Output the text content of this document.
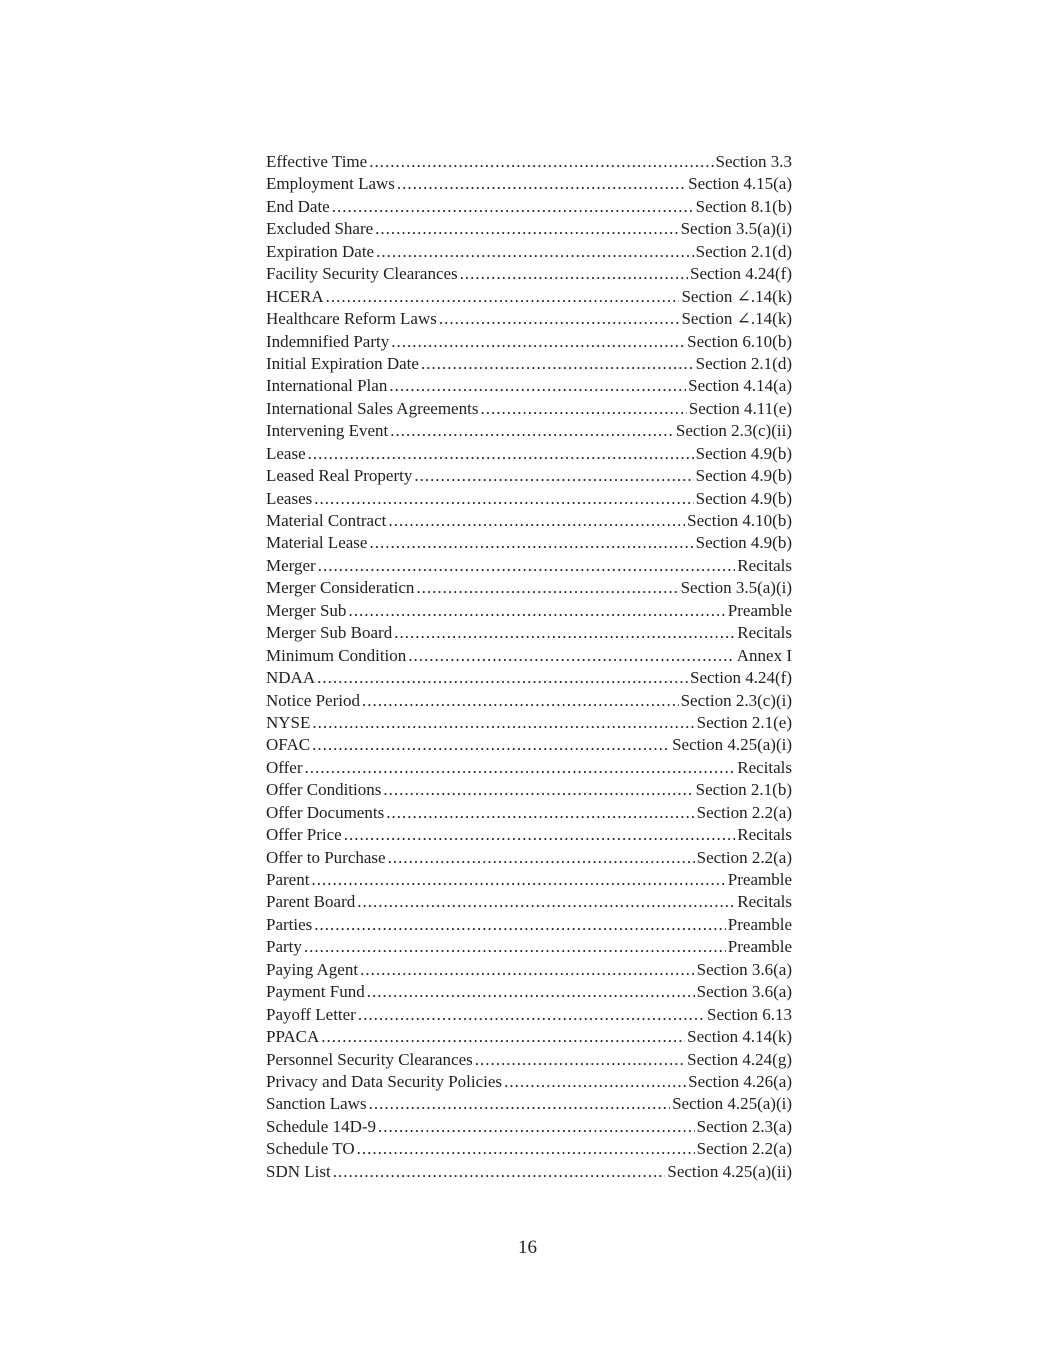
Effective Time .....	Section 3.3
Employment Laws .....	Section 4.15(a)
End Date .....	Section 8.1(b)
Excluded Share .....	Section 3.5(a)(i)
Expiration Date .....	Section 2.1(d)
Facility Security Clearances .....	Section 4.24(f)
HCERA .....	Section ∠.14(k)
Healthcare Reform Laws .....	Section ∠.14(k)
Indemnified Party .....	Section 6.10(b)
Initial Expiration Date .....	Section 2.1(d)
International Plan .....	Section 4.14(a)
International Sales Agreements .....	Section 4.11(e)
Intervening Event .....	Section 2.3(c)(ii)
Lease .....	Section 4.9(b)
Leased Real Property .....	Section 4.9(b)
Leases .....	Section 4.9(b)
Material Contract .....	Section 4.10(b)
Material Lease .....	Section 4.9(b)
Merger .....	Recitals
Merger Consideraticn .....	Section 3.5(a)(i)
Merger Sub .....	Preamble
Merger Sub Board .....	Recitals
Minimum Condition .....	Annex I
NDAA .....	Section 4.24(f)
Notice Period .....	Section 2.3(c)(i)
NYSE .....	Section 2.1(e)
OFAC .....	Section 4.25(a)(i)
Offer .....	Recitals
Offer Conditions .....	Section 2.1(b)
Offer Documents .....	Section 2.2(a)
Offer Price .....	Recitals
Offer to Purchase .....	Section 2.2(a)
Parent .....	Preamble
Parent Board .....	Recitals
Parties .....	Preamble
Party .....	Preamble
Paying Agent .....	Section 3.6(a)
Payment Fund .....	Section 3.6(a)
Payoff Letter .....	Section 6.13
PPACA .....	Section 4.14(k)
Personnel Security Clearances .....	Section 4.24(g)
Privacy and Data Security Policies .....	Section 4.26(a)
Sanction Laws .....	Section 4.25(a)(i)
Schedule 14D-9 .....	Section 2.3(a)
Schedule TO .....	Section 2.2(a)
SDN List .....	Section 4.25(a)(ii)
16
